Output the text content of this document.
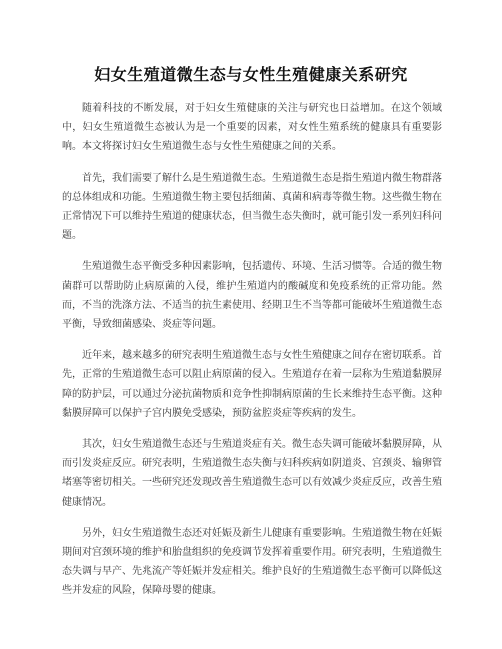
妇女生殖道微生态与女性生殖健康关系研究

随着科技的不断发展，对于妇女生殖健康的关注与研究也日益增加。在这个领域中，妇女生殖道微生态被认为是一个重要的因素，对女性生殖系统的健康具有重要影响。本文将探讨妇女生殖道微生态与女性生殖健康之间的关系。

首先，我们需要了解什么是生殖道微生态。生殖道微生态是指生殖道内微生物群落的总体组成和功能。生殖道微生物主要包括细菌、真菌和病毒等微生物。这些微生物在正常情况下可以维持生殖道的健康状态，但当微生态失衡时，就可能引发一系列妇科问题。

生殖道微生态平衡受多种因素影响，包括遗传、环境、生活习惯等。合适的微生物菌群可以帮助防止病原菌的入侵，维护生殖道内的酸碱度和免疫系统的正常功能。然而，不当的洗涤方法、不适当的抗生素使用、经期卫生不当等都可能破坏生殖道微生态平衡，导致细菌感染、炎症等问题。

近年来，越来越多的研究表明生殖道微生态与女性生殖健康之间存在密切联系。首先，正常的生殖道微生态可以阻止病原菌的侵入。生殖道存在着一层称为生殖道黏膜屏障的防护层，可以通过分泌抗菌物质和竞争性抑制病原菌的生长来维持生态平衡。这种黏膜屏障可以保护子宫内膜免受感染，预防盆腔炎症等疾病的发生。

其次，妇女生殖道微生态还与生殖道炎症有关。微生态失调可能破坏黏膜屏障，从而引发炎症反应。研究表明，生殖道微生态失衡与妇科疾病如阴道炎、宫颈炎、输卵管堵塞等密切相关。一些研究还发现改善生殖道微生态可以有效减少炎症反应，改善生殖健康情况。

另外，妇女生殖道微生态还对妊娠及新生儿健康有重要影响。生殖道微生物在妊娠期间对宫颈环境的维护和胎盘组织的免疫调节发挥着重要作用。研究表明，生殖道微生态失调与早产、先兆流产等妊娠并发症相关。维护良好的生殖道微生态平衡可以降低这些并发症的风险，保障母婴的健康。
